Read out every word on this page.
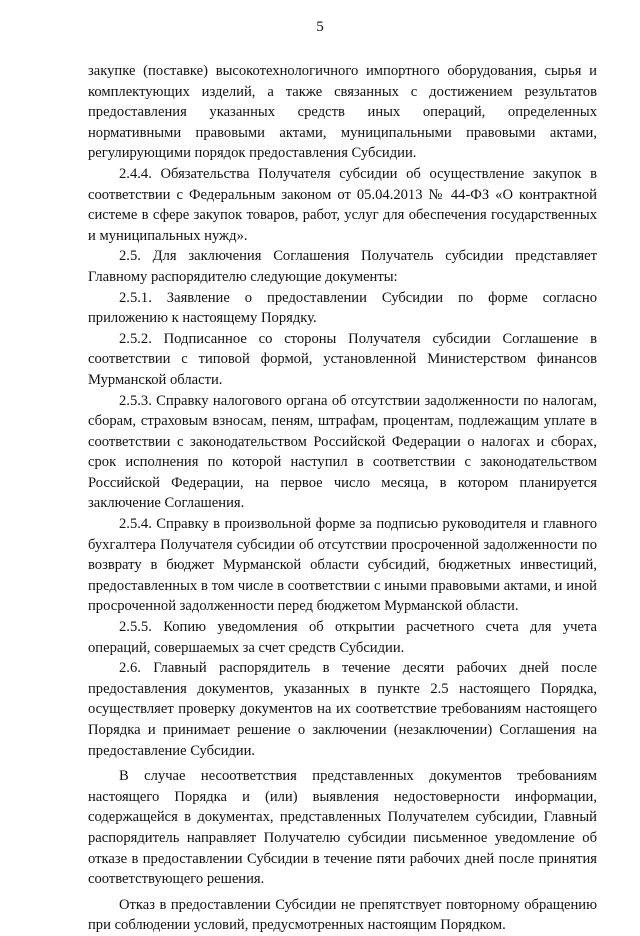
5

закупке (поставке) высокотехнологичного импортного оборудования, сырья и комплектующих изделий, а также связанных с достижением результатов предоставления указанных средств иных операций, определенных нормативными правовыми актами, муниципальными правовыми актами, регулирующими порядок предоставления Субсидии.

2.4.4. Обязательства Получателя субсидии об осуществление закупок в соответствии с Федеральным законом от 05.04.2013 № 44-ФЗ «О контрактной системе в сфере закупок товаров, работ, услуг для обеспечения государственных и муниципальных нужд».

2.5. Для заключения Соглашения Получатель субсидии представляет Главному распорядителю следующие документы:

2.5.1. Заявление о предоставлении Субсидии по форме согласно приложению к настоящему Порядку.

2.5.2. Подписанное со стороны Получателя субсидии Соглашение в соответствии с типовой формой, установленной Министерством финансов Мурманской области.

2.5.3. Справку налогового органа об отсутствии задолженности по налогам, сборам, страховым взносам, пеням, штрафам, процентам, подлежащим уплате в соответствии с законодательством Российской Федерации о налогах и сборах, срок исполнения по которой наступил в соответствии с законодательством Российской Федерации, на первое число месяца, в котором планируется заключение Соглашения.

2.5.4. Справку в произвольной форме за подписью руководителя и главного бухгалтера Получателя субсидии об отсутствии просроченной задолженности по возврату в бюджет Мурманской области субсидий, бюджетных инвестиций, предоставленных в том числе в соответствии с иными правовыми актами, и иной просроченной задолженности перед бюджетом Мурманской области.

2.5.5. Копию уведомления об открытии расчетного счета для учета операций, совершаемых за счет средств Субсидии.

2.6. Главный распорядитель в течение десяти рабочих дней после предоставления документов, указанных в пункте 2.5 настоящего Порядка, осуществляет проверку документов на их соответствие требованиям настоящего Порядка и принимает решение о заключении (незаключении) Соглашения на предоставление Субсидии.

В случае несоответствия представленных документов требованиям настоящего Порядка и (или) выявления недостоверности информации, содержащейся в документах, представленных Получателем субсидии, Главный распорядитель направляет Получателю субсидии письменное уведомление об отказе в предоставлении Субсидии в течение пяти рабочих дней после принятия соответствующего решения.

Отказ в предоставлении Субсидии не препятствует повторному обращению при соблюдении условий, предусмотренных настоящим Порядком.
